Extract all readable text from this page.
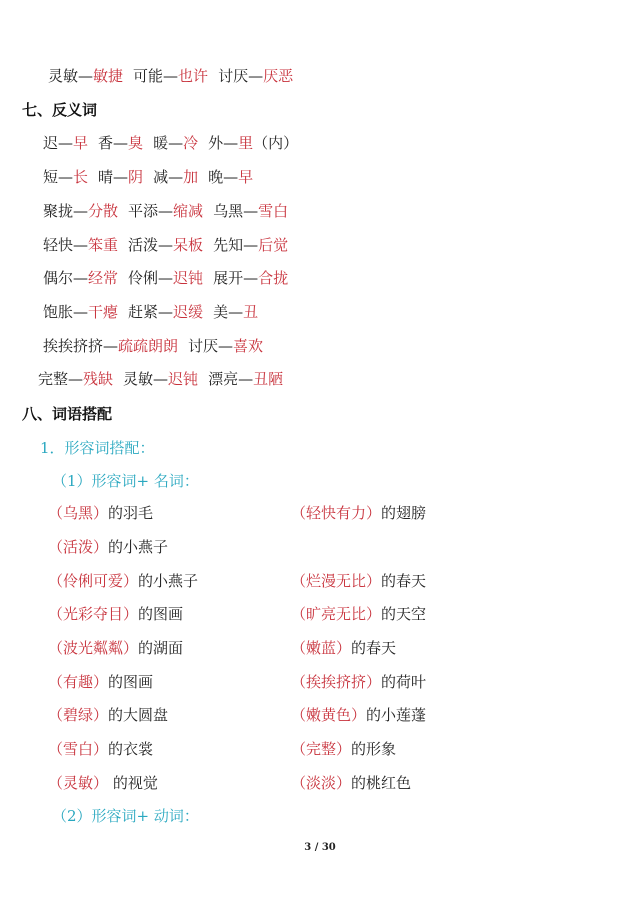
灵敏—敏捷 可能—也许 讨厌—厌恶
七、反义词
迟—早 香—臭 暖—冷 外—里（内）
短—长 晴—阴 减—加 晚—早
聚拢—分散 平添—缩减 乌黑—雪白
轻快—笨重 活泼—呆板 先知—后觉
偶尔—经常 伶俐—迟钝 展开—合拢
饱胀—干瘪 赶紧—迟缓 美—丑
挨挨挤挤—疏疏朗朗 讨厌—喜欢
完整—残缺 灵敏—迟钝 漂亮—丑陋
八、词语搭配
1．形容词搭配：
（1）形容词+ 名词：
（乌黑）的羽毛	（轻快有力）的翅膀
（活泼）的小燕子
（伶俐可爱）的小燕子	（烂漫无比）的春天
（光彩夺目）的图画	（旷亮无比）的天空
（波光粼粼）的湖面	（嫩蓝）的春天
（有趣）的图画	（挨挨挤挤）的荷叶
（碧绿）的大圆盘	（嫩黄色）的小莲蓬
（雪白）的衣裳	（完整）的形象
（灵敏） 的视觉	（淡淡）的桃红色
（2）形容词+ 动词：
3 / 30
